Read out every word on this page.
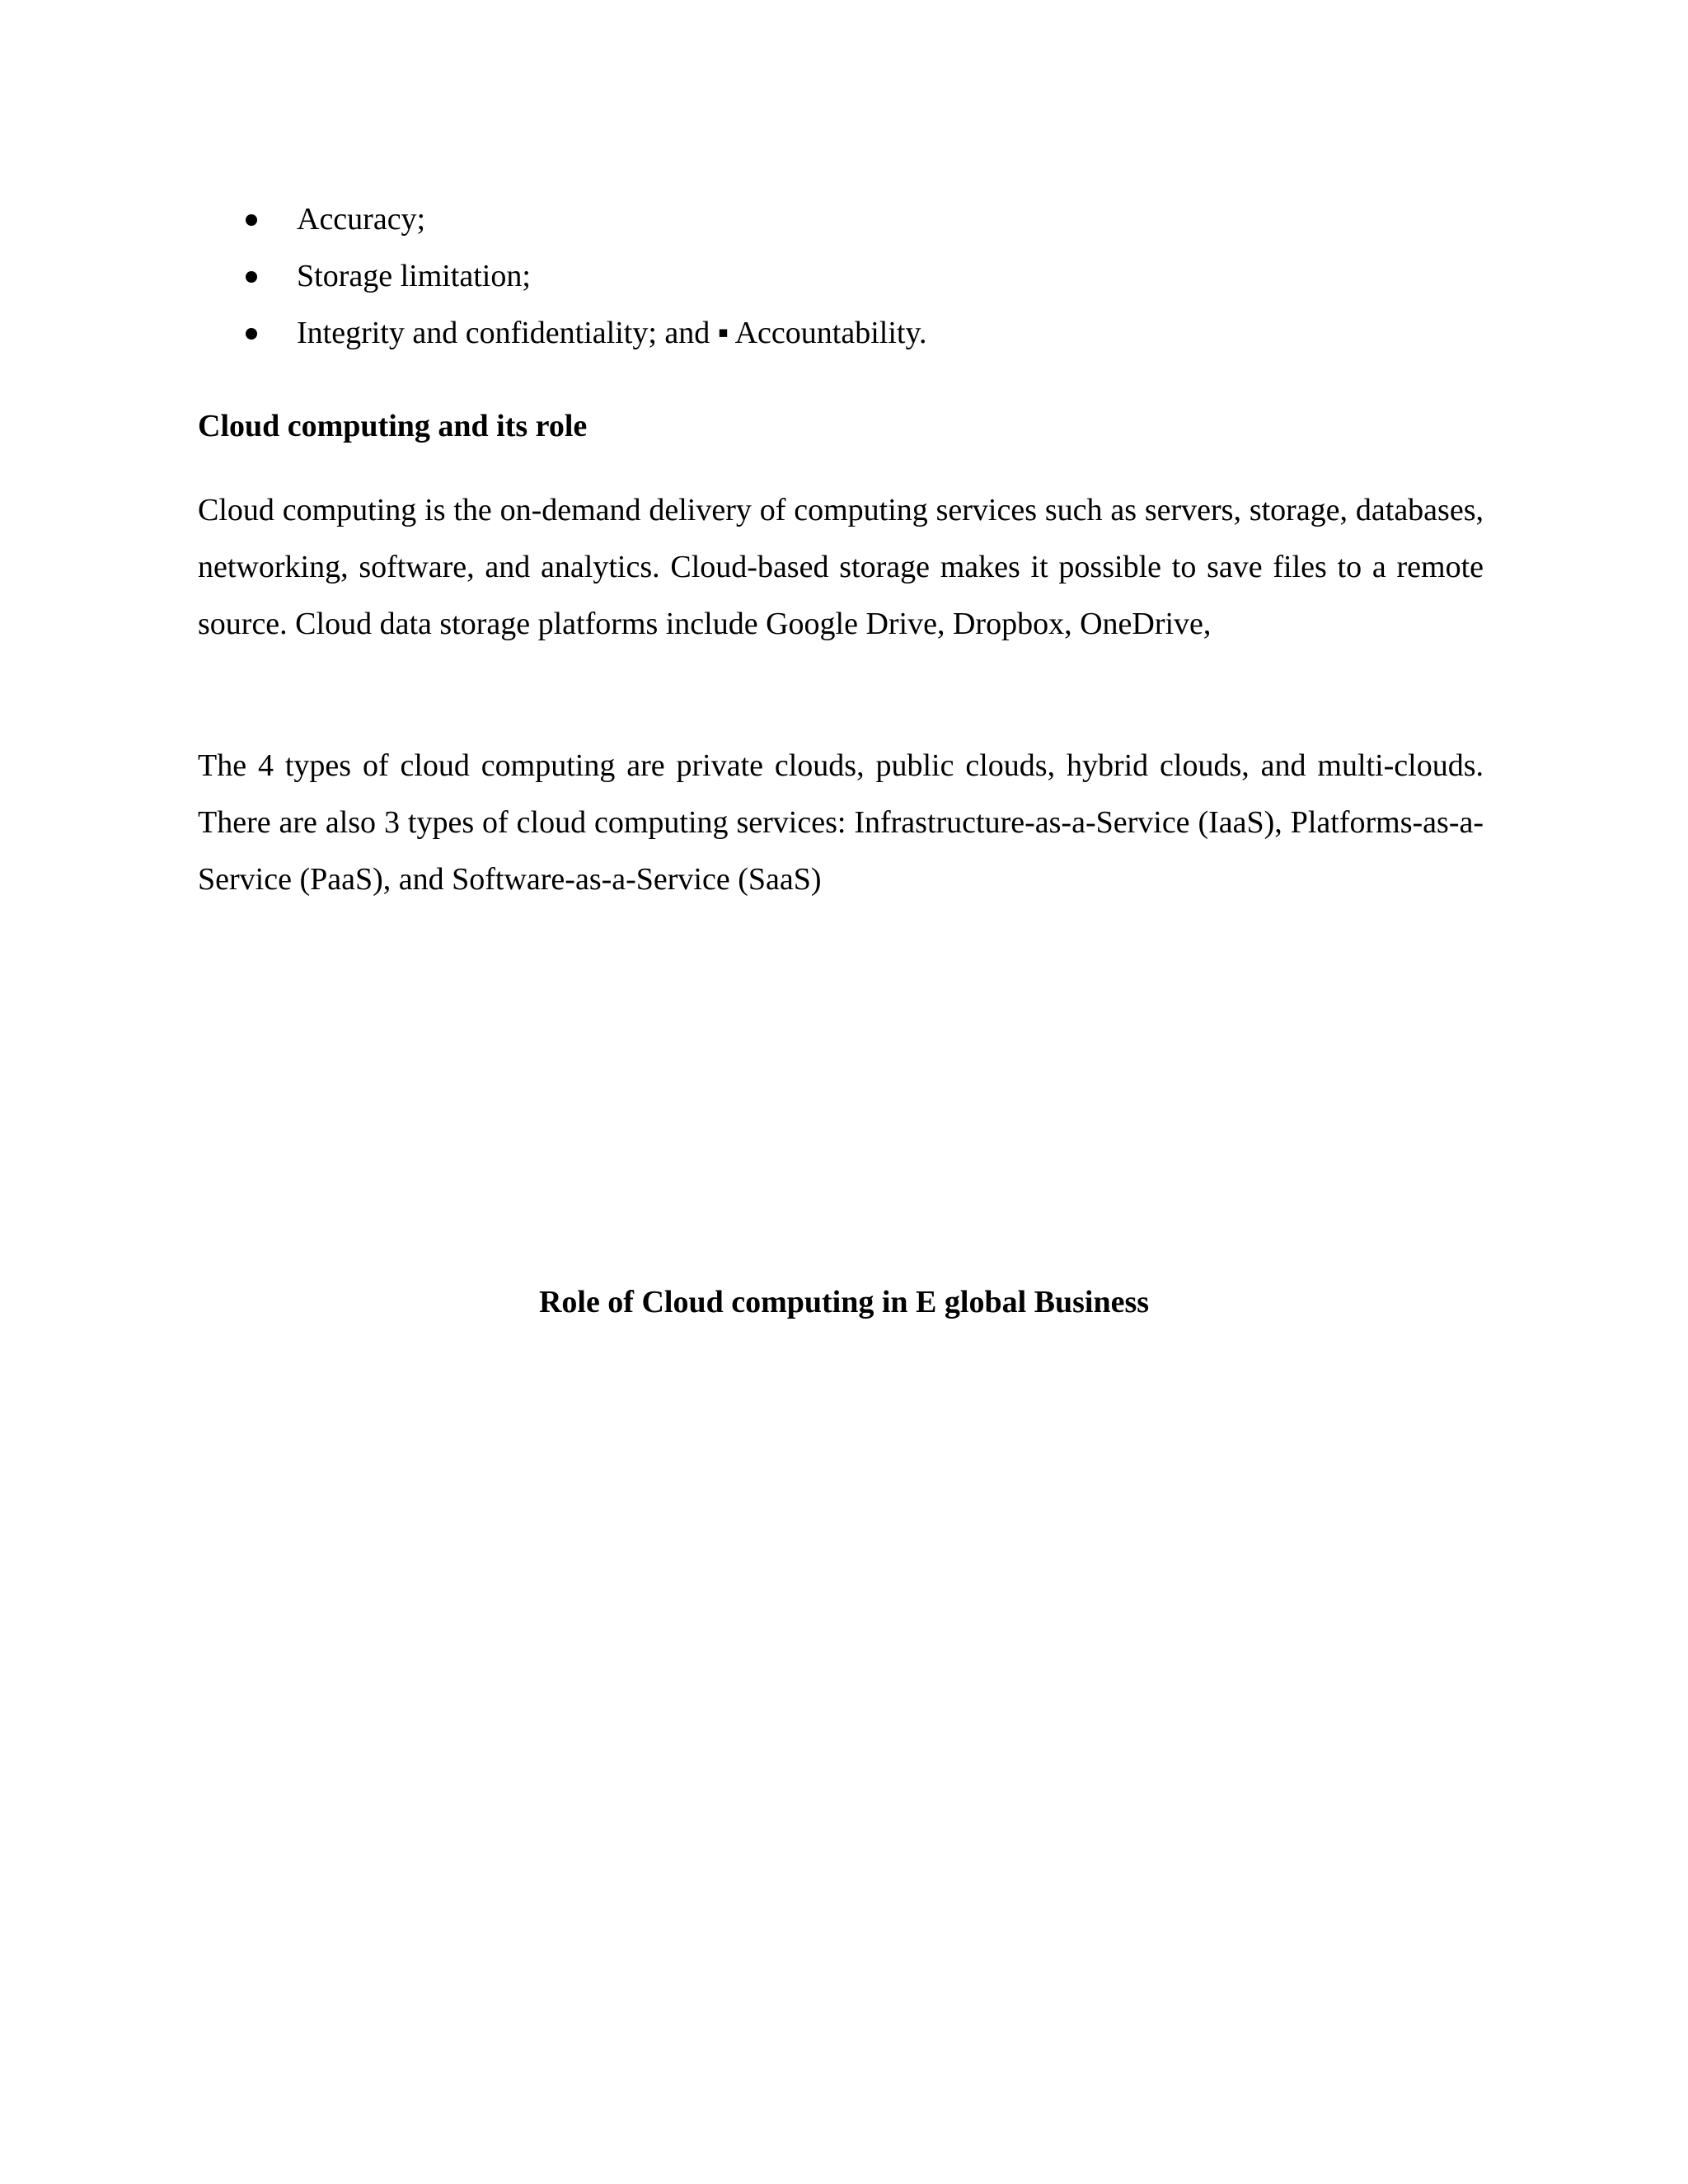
Accuracy;
Storage limitation;
Integrity and confidentiality; and ▪ Accountability.
Cloud computing and its role

Cloud computing is the on-demand delivery of computing services such as servers, storage, databases, networking, software, and analytics. Cloud-based storage makes it possible to save files to a remote source. Cloud data storage platforms include Google Drive, Dropbox, OneDrive,

The 4 types of cloud computing are private clouds, public clouds, hybrid clouds, and multi-clouds. There are also 3 types of cloud computing services: Infrastructure-as-a-Service (IaaS), Platforms-as-a-Service (PaaS), and Software-as-a-Service (SaaS)

Role of Cloud computing in E global Business
